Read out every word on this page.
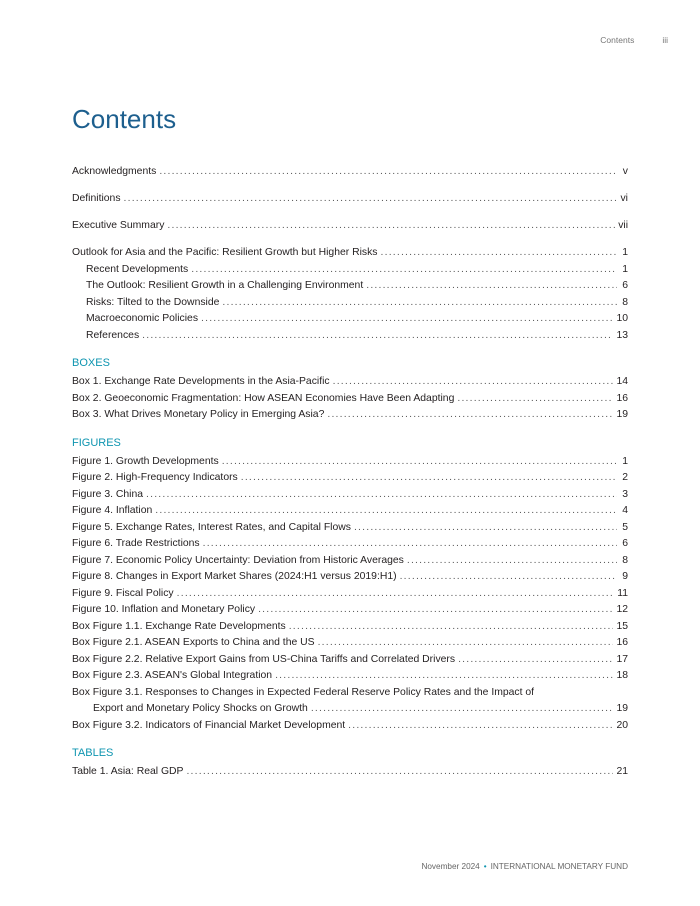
Contents	iii
Contents
Acknowledgments .....	v
Definitions .....	vi
Executive Summary .....	vii
Outlook for Asia and the Pacific: Resilient Growth but Higher Risks .....	1
Recent Developments .....	1
The Outlook: Resilient Growth in a Challenging Environment .....	6
Risks: Tilted to the Downside .....	8
Macroeconomic Policies .....	10
References .....	13
BOXES
Box 1. Exchange Rate Developments in the Asia-Pacific .....	14
Box 2. Geoeconomic Fragmentation: How ASEAN Economies Have Been Adapting .....	16
Box 3. What Drives Monetary Policy in Emerging Asia? .....	19
FIGURES
Figure 1. Growth Developments .....	1
Figure 2. High-Frequency Indicators .....	2
Figure 3. China .....	3
Figure 4. Inflation .....	4
Figure 5. Exchange Rates, Interest Rates, and Capital Flows .....	5
Figure 6. Trade Restrictions .....	6
Figure 7. Economic Policy Uncertainty: Deviation from Historic Averages .....	8
Figure 8. Changes in Export Market Shares (2024:H1 versus 2019:H1) .....	9
Figure 9. Fiscal Policy .....	11
Figure 10. Inflation and Monetary Policy .....	12
Box Figure 1.1. Exchange Rate Developments .....	15
Box Figure 2.1. ASEAN Exports to China and the US .....	16
Box Figure 2.2. Relative Export Gains from US-China Tariffs and Correlated Drivers .....	17
Box Figure 2.3. ASEAN's Global Integration .....	18
Box Figure 3.1. Responses to Changes in Expected Federal Reserve Policy Rates and the Impact of
Export and Monetary Policy Shocks on Growth .....	19
Box Figure 3.2. Indicators of Financial Market Development .....	20
TABLES
Table 1. Asia: Real GDP .....	21
November 2024 • INTERNATIONAL MONETARY FUND
